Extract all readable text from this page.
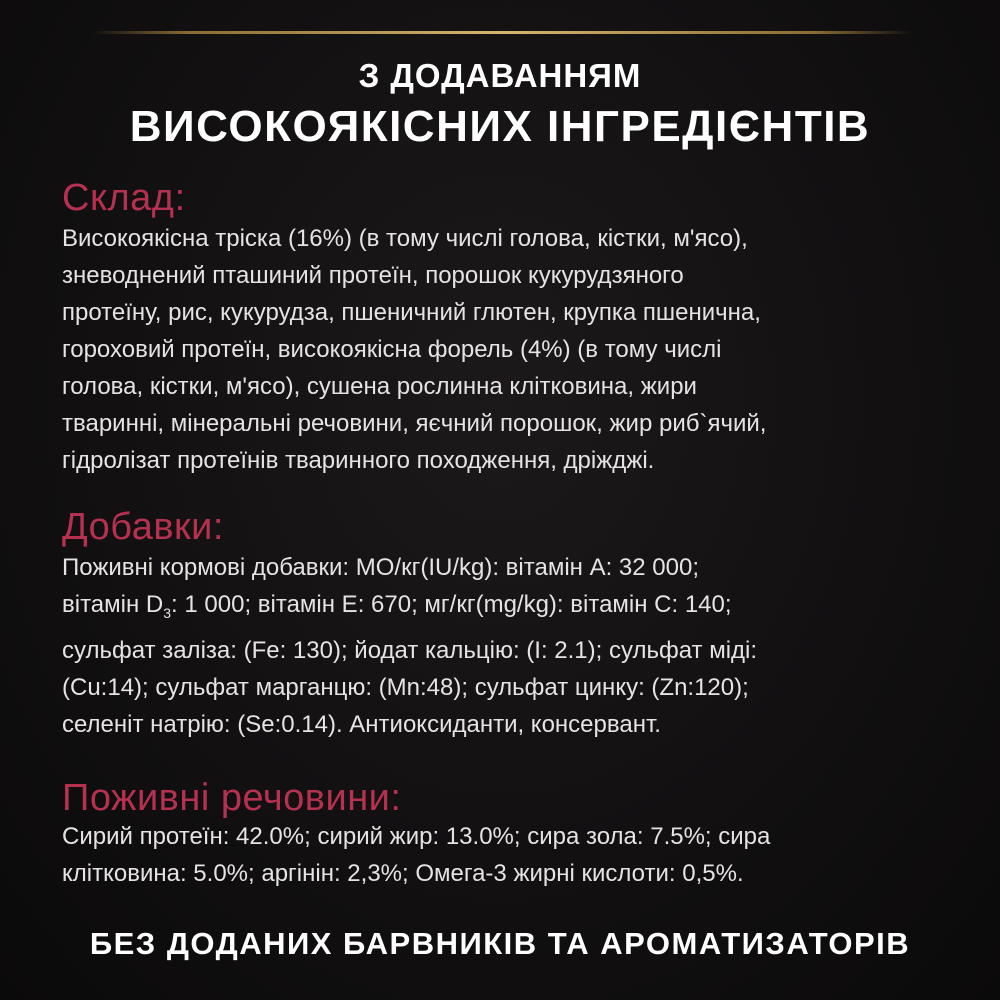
З ДОДАВАННЯМ
ВИСОКОЯКІСНИХ ІНГРЕДІЄНТІВ
Склад:

Високоякісна тріска (16%) (в тому числі голова, кістки, м'ясо),
зневоднений пташиний протеїн, порошок кукурудзяного
протеїну, рис, кукурудза, пшеничний глютен, крупка пшенична,
гороховий протеїн, високоякісна форель (4%) (в тому числі
голова, кістки, м'ясо), сушена рослинна клітковина, жири
тваринні, мінеральні речовини, яєчний порошок, жир риб`ячий,
гідролізат протеїнів тваринного походження, дріжджі.

Добавки:
Поживні кормові добавки: МО/кг(IU/kg): вітамін А: 32 000;
вітамін $D_3$: 1 000; вітамін Е: 670; мг/кг(mg/kg): вітамін С: 140;
сульфат заліза: (Fe: 130); йодат кальцію: (I: 2.1); сульфат міді:
(Cu:14); сульфат марганцю: (Mn:48); сульфат цинку: (Zn:120);
селеніт натрію: (Se:0.14). Антиоксиданти, консервант.
Поживні речовини:

Сирий протеїн: 42.0%; сирий жир: 13.0%; сира зола: 7.5%; сира
клітковина: 5.0%; аргінін: 2,3%; Омега-3 жирні кислоти: 0,5%.

БЕЗ ДОДАНИХ БАРВНИКІВ ТА АРОМАТИЗАТОРІВ
